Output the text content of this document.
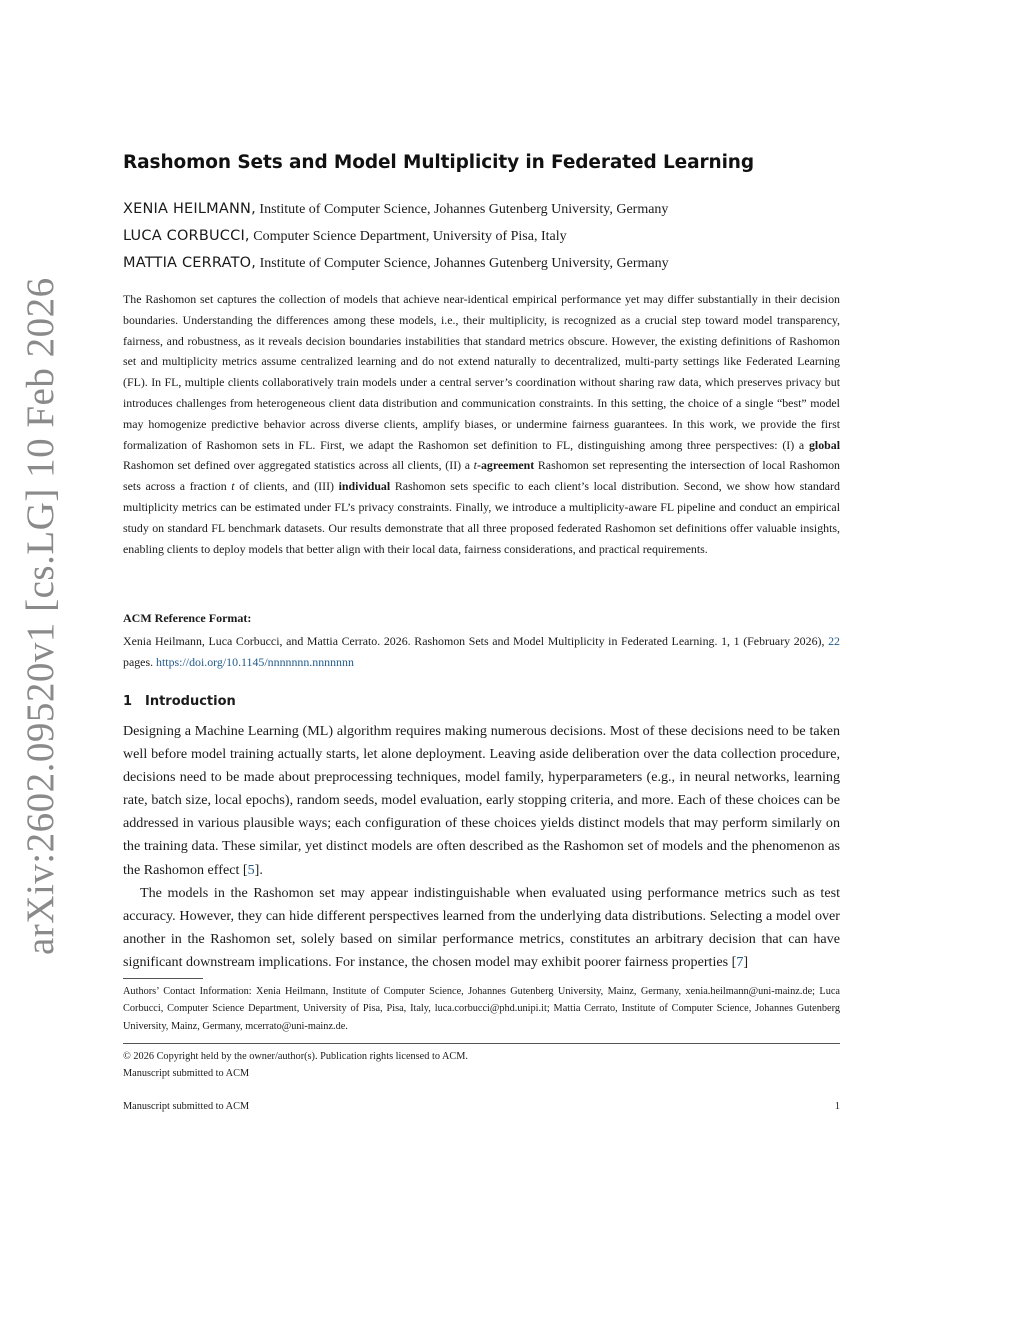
arXiv:2602.09520v1 [cs.LG] 10 Feb 2026
Rashomon Sets and Model Multiplicity in Federated Learning
XENIA HEILMANN, Institute of Computer Science, Johannes Gutenberg University, Germany
LUCA CORBUCCI, Computer Science Department, University of Pisa, Italy
MATTIA CERRATO, Institute of Computer Science, Johannes Gutenberg University, Germany
The Rashomon set captures the collection of models that achieve near-identical empirical performance yet may differ substantially in their decision boundaries. Understanding the differences among these models, i.e., their multiplicity, is recognized as a crucial step toward model transparency, fairness, and robustness, as it reveals decision boundaries instabilities that standard metrics obscure. However, the existing definitions of Rashomon set and multiplicity metrics assume centralized learning and do not extend naturally to decentralized, multi-party settings like Federated Learning (FL). In FL, multiple clients collaboratively train models under a central server’s coordination without sharing raw data, which preserves privacy but introduces challenges from heterogeneous client data distribution and communication constraints. In this setting, the choice of a single “best” model may homogenize predictive behavior across diverse clients, amplify biases, or undermine fairness guarantees. In this work, we provide the first formalization of Rashomon sets in FL. First, we adapt the Rashomon set definition to FL, distinguishing among three perspectives: (I) a global Rashomon set defined over aggregated statistics across all clients, (II) a t-agreement Rashomon set representing the intersection of local Rashomon sets across a fraction t of clients, and (III) individual Rashomon sets specific to each client’s local distribution. Second, we show how standard multiplicity metrics can be estimated under FL’s privacy constraints. Finally, we introduce a multiplicity-aware FL pipeline and conduct an empirical study on standard FL benchmark datasets. Our results demonstrate that all three proposed federated Rashomon set definitions offer valuable insights, enabling clients to deploy models that better align with their local data, fairness considerations, and practical requirements.
ACM Reference Format:
Xenia Heilmann, Luca Corbucci, and Mattia Cerrato. 2026. Rashomon Sets and Model Multiplicity in Federated Learning. 1, 1 (February 2026), 22 pages. https://doi.org/10.1145/nnnnnnn.nnnnnnn
1 Introduction

Designing a Machine Learning (ML) algorithm requires making numerous decisions. Most of these decisions need to be taken well before model training actually starts, let alone deployment. Leaving aside deliberation over the data collection procedure, decisions need to be made about preprocessing techniques, model family, hyperparameters (e.g., in neural networks, learning rate, batch size, local epochs), random seeds, model evaluation, early stopping criteria, and more. Each of these choices can be addressed in various plausible ways; each configuration of these choices yields distinct models that may perform similarly on the training data. These similar, yet distinct models are often described as the Rashomon set of models and the phenomenon as the Rashomon effect [5].

The models in the Rashomon set may appear indistinguishable when evaluated using performance metrics such as test accuracy. However, they can hide different perspectives learned from the underlying data distributions. Selecting a model over another in the Rashomon set, solely based on similar performance metrics, constitutes an arbitrary decision that can have significant downstream implications. For instance, the chosen model may exhibit poorer fairness properties [7]

Authors’ Contact Information: Xenia Heilmann, Institute of Computer Science, Johannes Gutenberg University, Mainz, Germany, xenia.heilmann@uni-mainz.de; Luca Corbucci, Computer Science Department, University of Pisa, Pisa, Italy, luca.corbucci@phd.unipi.it; Mattia Cerrato, Institute of Computer Science, Johannes Gutenberg University, Mainz, Germany, mcerrato@uni-mainz.de.
© 2026 Copyright held by the owner/author(s). Publication rights licensed to ACM.
Manuscript submitted to ACM
Manuscript submitted to ACM	1
